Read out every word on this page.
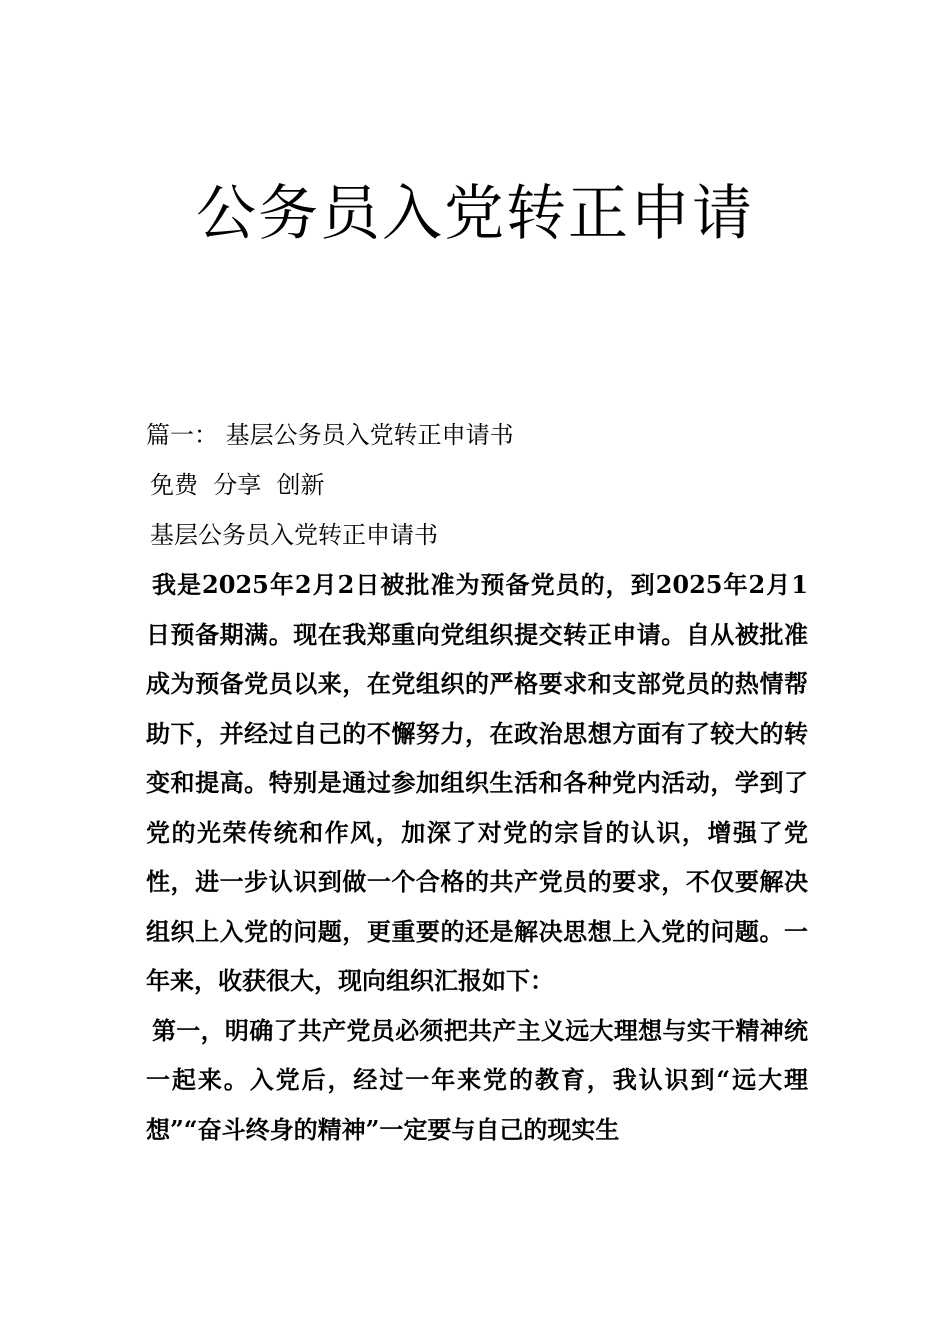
公务员入党转正申请

篇一： 基层公务员入党转正申请书

免费  分享  创新

基层公务员入党转正申请书

我是2025年2月2日被批准为预备党员的，到2025年2月1日预备期满。现在我郑重向党组织提交转正申请。自从被批准成为预备党员以来，在党组织的严格要求和支部党员的热情帮助下，并经过自己的不懈努力，在政治思想方面有了较大的转变和提高。特别是通过参加组织生活和各种党内活动，学到了党的光荣传统和作风，加深了对党的宗旨的认识，增强了党性，进一步认识到做一个合格的共产党员的要求，不仅要解决组织上入党的问题，更重要的还是解决思想上入党的问题。一年来，收获很大，现向组织汇报如下：

第一，明确了共产党员必须把共产主义远大理想与实干精神统一起来。入党后，经过一年来党的教育，我认识到“远大理想”“奋斗终身的精神”一定要与自己的现实生
